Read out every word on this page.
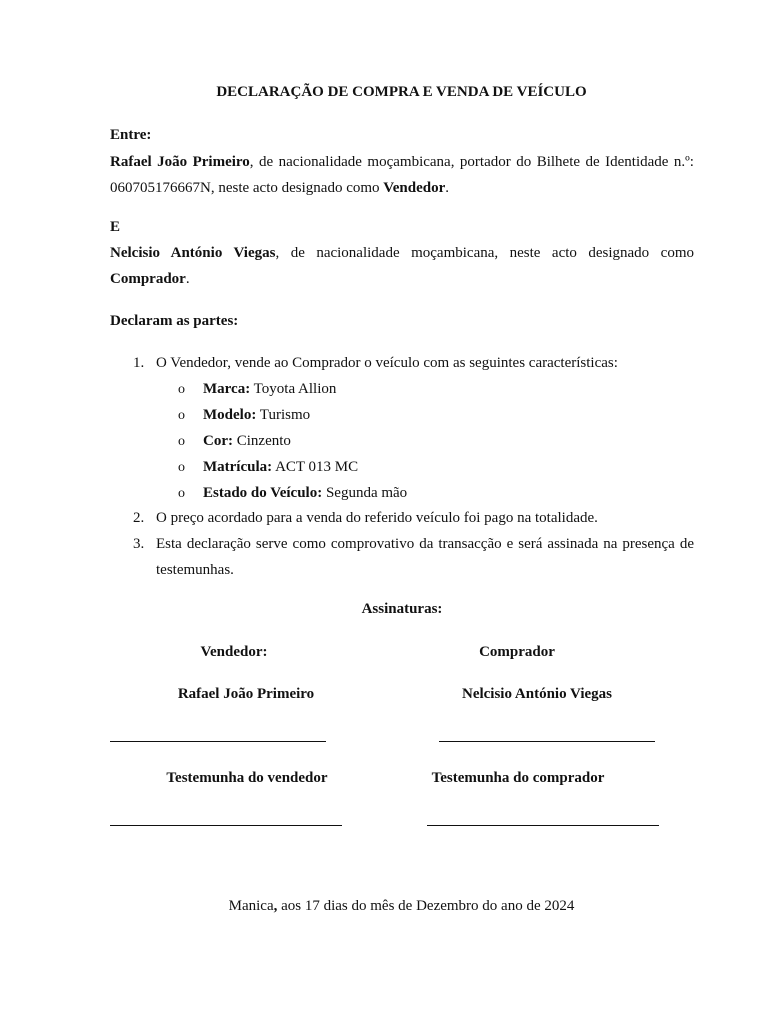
DECLARAÇÃO DE COMPRA E VENDA DE VEÍCULO
Entre:
Rafael João Primeiro, de nacionalidade moçambicana, portador do Bilhete de Identidade n.º: 060705176667N, neste acto designado como Vendedor.
E
Nelcisio António Viegas, de nacionalidade moçambicana, neste acto designado como Comprador.
Declaram as partes:
1. O Vendedor, vende ao Comprador o veículo com as seguintes características:
o Marca: Toyota Allion
o Modelo: Turismo
o Cor: Cinzento
o Matrícula: ACT 013 MC
o Estado do Veículo: Segunda mão
2. O preço acordado para a venda do referido veículo foi pago na totalidade.
3. Esta declaração serve como comprovativo da transacção e será assinada na presença de testemunhas.
Assinaturas:
Vendedor:	Comprador
Rafael João Primeiro	Nelcisio António Viegas
Testemunha do vendedor	Testemunha do comprador
Manica, aos 17 dias do mês de Dezembro do ano de 2024
